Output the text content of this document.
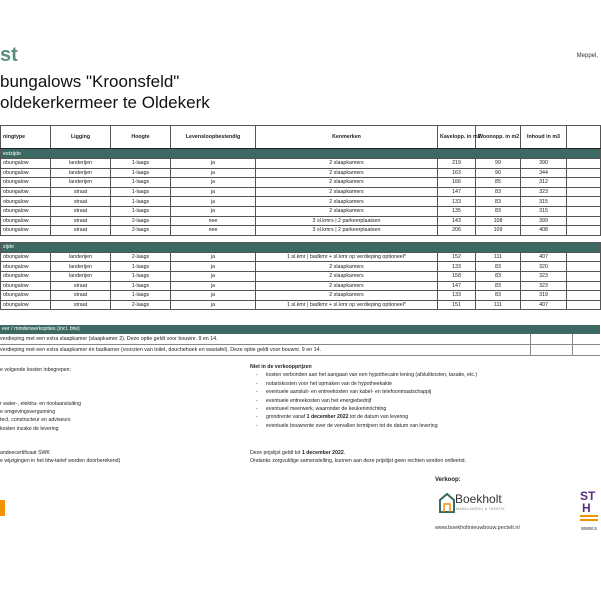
st	Meppel,
bungalows "Kroonsfeld"
oldekerkermeer te Oldekerk
ningtype	Ligging	Hoogte	Levensloopbestendig	Kenmerken	Kavelopp. in m2	Woonopp. in m2	Inhoud in m3	
estzijde								
obungalow	landerijen	1-laags	ja	2 slaapkamers	219	99	390	
obungalow	landerijen	1-laags	ja	2 slaapkamers	163	90	344	
obungalow	landerijen	1-laags	ja	2 slaapkamers	166	85	312	
obungalow	straat	1-laags	ja	2 slaapkamers	147	83	323	
obungalow	straat	1-laags	ja	2 slaapkamers	133	83	315	
obungalow	straat	1-laags	ja	2 slaapkamers	135	83	315	
obungalow	straat	2-laags	nee	3 sl.kmrs | 2 parkeerplaatsen	143	108	399	
obungalow	straat	2-laags	nee	3 sl.kmrs | 2 parkeerplaatsen	206	109	408	

zijde								
obungalow	landerijen	2-laags	ja	1 sl.kmr | badkmr + sl.kmr op verdieping optioneel*	152	111	407	
obungalow	landerijen	1-laags	ja	2 slaapkamers	133	83	320	
obungalow	landerijen	1-laags	ja	2 slaapkamers	158	83	323	
obungalow	straat	1-laags	ja	2 slaapkamers	147	83	323	
obungalow	straat	1-laags	ja	2 slaapkamers	133	83	319	
obungalow	straat	2-laags	ja	1 sl.kmr | badkmr + sl.kmr op verdieping optioneel*	151	111	407	
eer / minderwerkopties (incl. btw)
verdieping met een extra slaapkamer (slaapkamer 2). Deze optie geldt voor bouwnr. 9 en 14.
verdieping met een extra slaapkamer én badkamer (voorzien van toilet, douchehoek en wastafel). Deze optie geldt voor bouwnr. 9 en 14.
e volgende kosten inbegrepen:

r water-, elektra- en rioolaansluiting
e omgevingsvergunning
tect, constructeur en adviseurs
kosten inzake de levering
Niet in de verkoopprijzen
- kosten verbonden aan het aangaan van een hypothecaire lening (afsluitkosten, taxatie, etc.)
- notariskosten voor het opmaken van de hypotheekakte
- eventuele aansluit- en entreekosten van kabel- en telefoonmaatschappij
- eventuele entreekosten van het energiebedrijf
- eventueel meerwerk, waaronder de keukeninrichting
- grondrente vanaf 1 december 2022 tot de datum van levering
- eventuele bouwrente over de vervallen termijnen tot de datum van levering
andeecertificaat SWK
e wijzigingen in het btw-tarief worden doorberekend)
Deze prijslijst geldt tot 1 december 2022.
Ondanks zorgvuldige samenstelling, kunnen aan deze prijslijst geen rechten worden ontleend.
Verkoop:
Boekholt
MAKELAARDIJ & TAXATIE
www.boekholtnieuwbouw.pectelt.nl
ST
H
www.s
